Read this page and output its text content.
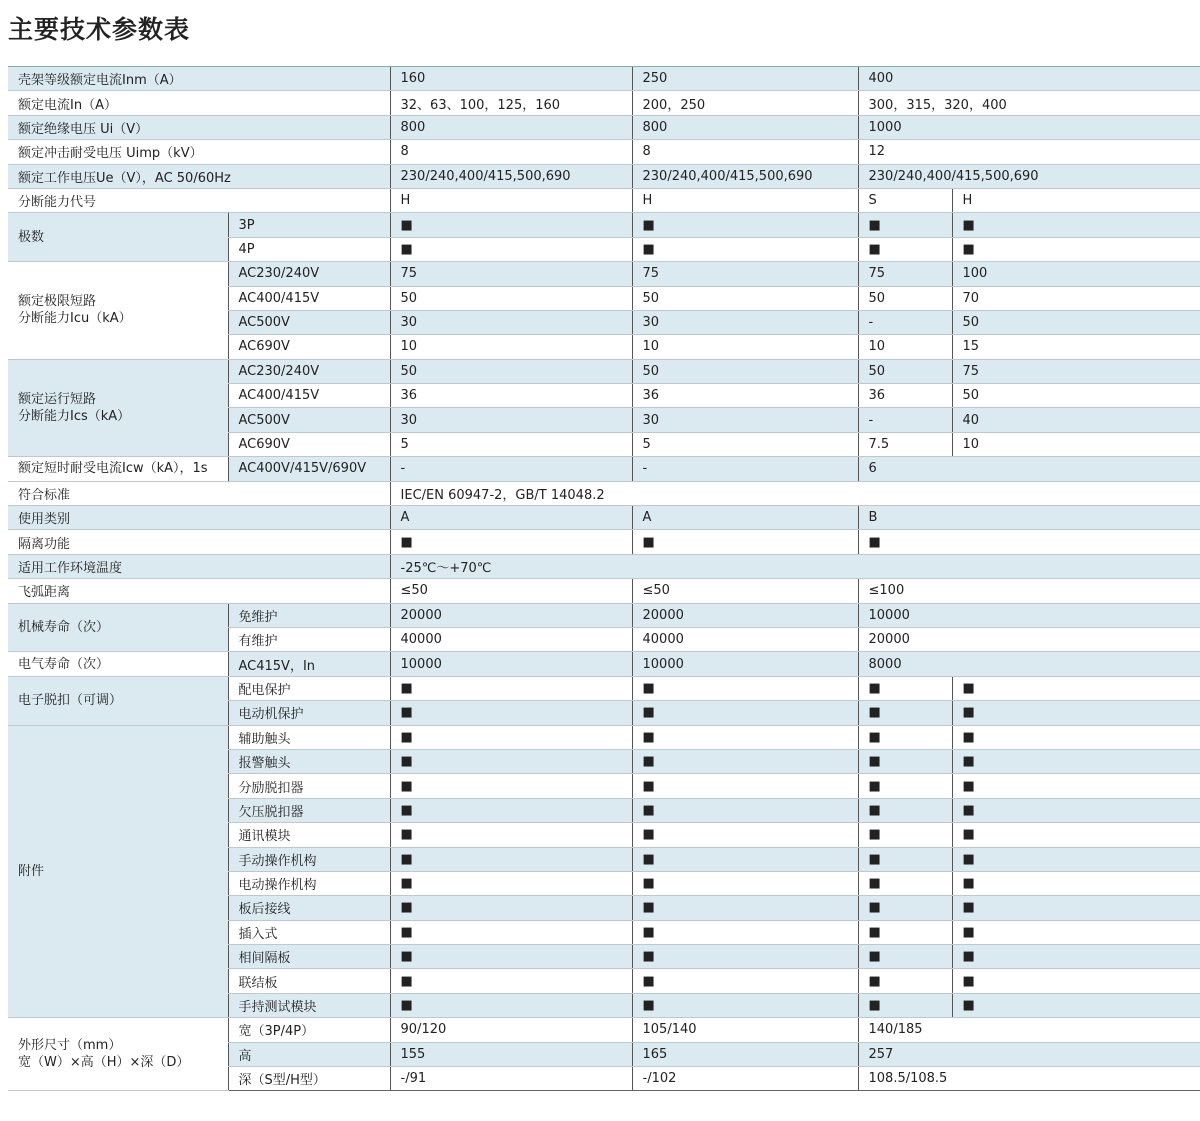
主要技术参数表
壳架等级额定电流Inm（A）		160	250	400	
额定电流In（A）		32、63、100，125，160	200，250	300，315，320，400	
额定绝缘电压 Ui（V）		800	800	1000	
额定冲击耐受电压 Uimp（kV）		8	8	12	
额定工作电压Ue（V），AC 50/60Hz		230/240,400/415,500,690	230/240,400/415,500,690	230/240,400/415,500,690	
分断能力代号		H	H	S	H

极数	3P	■	■	■	■
	4P	■	■	■	■

额定极限短路
分断能力Icu（kA）	AC230/240V	75	75	75	100
	AC400/415V	50	50	50	70
	AC500V	30	30	-	50
	AC690V	10	10	10	15

额定运行短路
分断能力Ics（kA）	AC230/240V	50	50	50	75
	AC400/415V	36	36	36	50
	AC500V	30	30	-	40
	AC690V	5	5	7.5	10

额定短时耐受电流Icw（kA），1s	AC400V/415V/690V	-	-	6	
符合标准		IEC/EN 60947-2，GB/T 14048.2			
使用类别		A	A	B	
隔离功能		■	■	■	
适用工作环境温度		-25℃～+70℃			
飞弧距离		≤50	≤50	≤100	

机械寿命（次）	免维护	20000	20000	10000	
	有维护	40000	40000	20000	

电气寿命（次）	AC415V，In	10000	10000	8000	

电子脱扣（可调）	配电保护	■	■	■	■
	电动机保护	■	■	■	■

附件	辅助触头	■	■	■	■
	报警触头	■	■	■	■
	分励脱扣器	■	■	■	■
	欠压脱扣器	■	■	■	■
	通讯模块	■	■	■	■
	手动操作机构	■	■	■	■
	电动操作机构	■	■	■	■
	板后接线	■	■	■	■
	插入式	■	■	■	■
	相间隔板	■	■	■	■
	联结板	■	■	■	■
	手持测试模块	■	■	■	■

外形尺寸（mm）
宽（W）×高（H）×深（D）	宽（3P/4P）	90/120	105/140	140/185	
	高	155	165	257	
	深（S型/H型）	-/91	-/102	108.5/108.5	
